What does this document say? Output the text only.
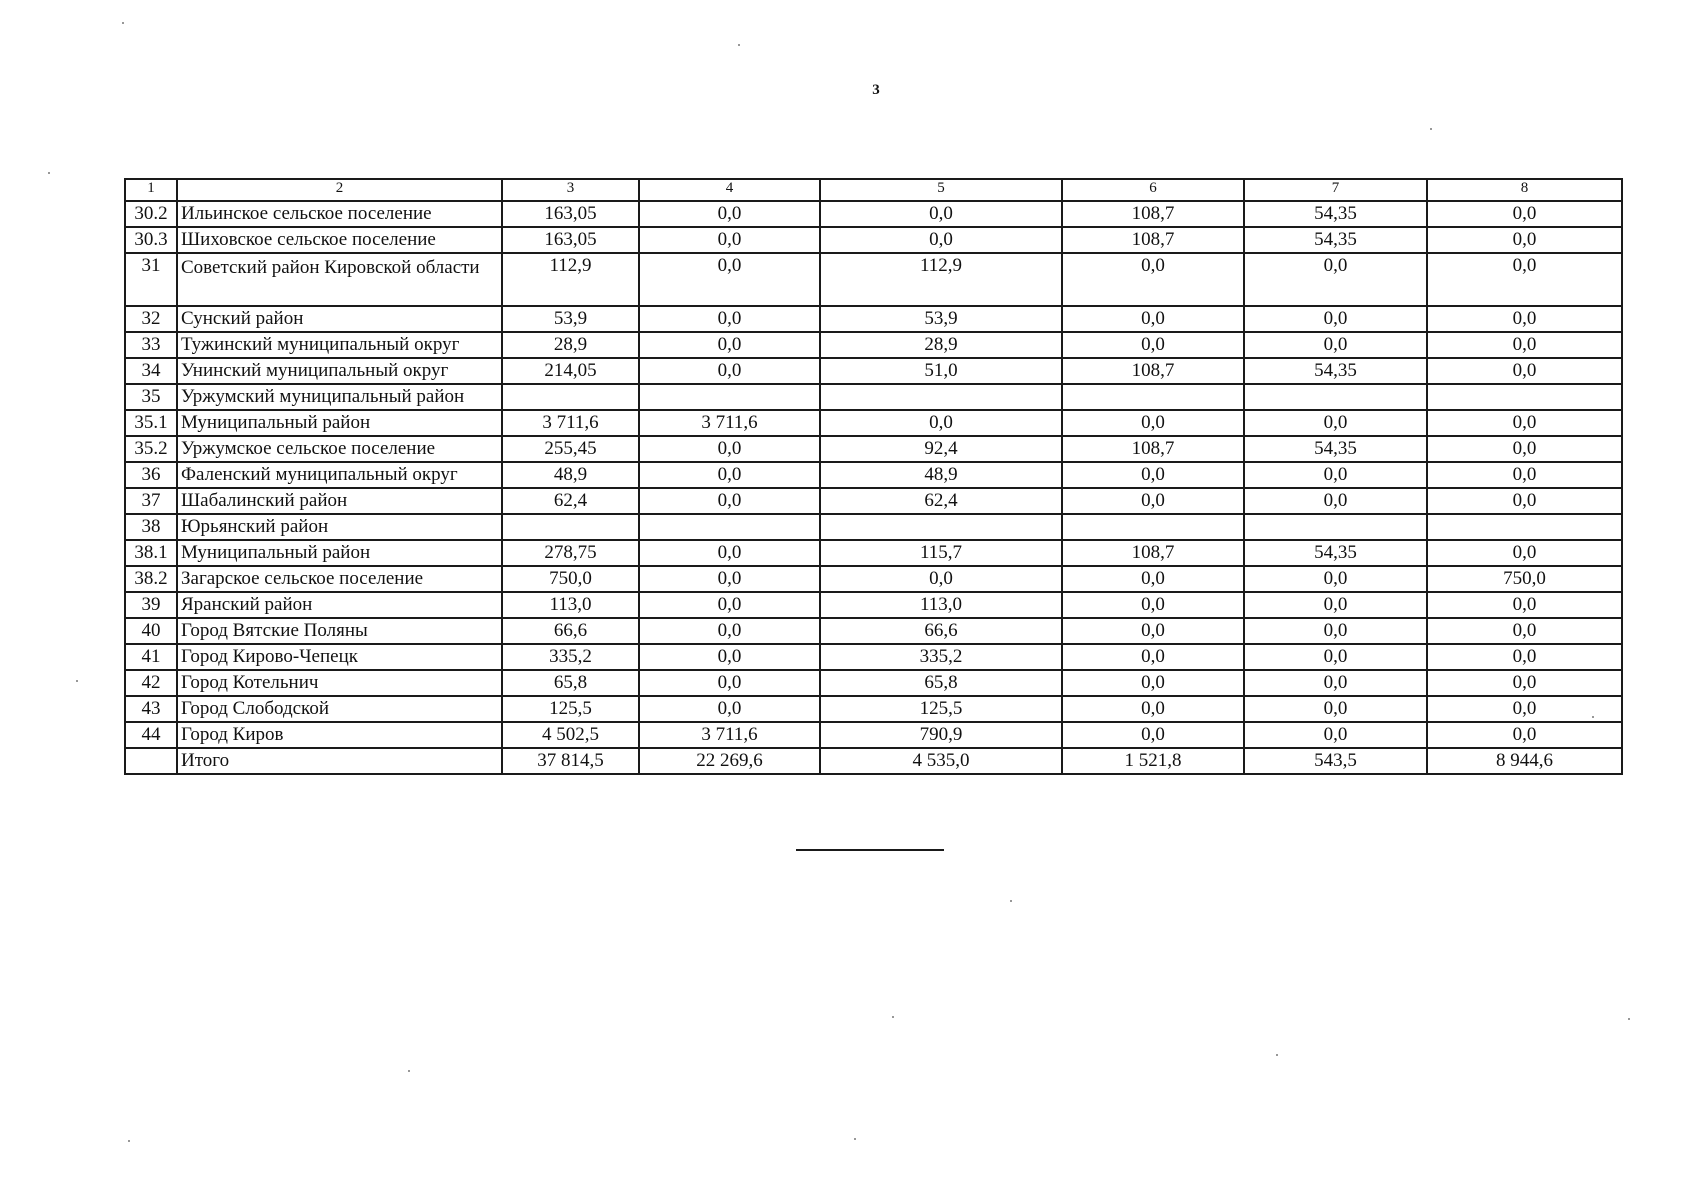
3
1	2	3	4	5	6	7	8
30.2	Ильинское сельское поселение	163,05	0,0	0,0	108,7	54,35	0,0
30.3	Шиховское сельское поселение	163,05	0,0	0,0	108,7	54,35	0,0
31	Советский район Кировской области	112,9	0,0	112,9	0,0	0,0	0,0
32	Сунский район	53,9	0,0	53,9	0,0	0,0	0,0
33	Тужинский муниципальный округ	28,9	0,0	28,9	0,0	0,0	0,0
34	Унинский муниципальный округ	214,05	0,0	51,0	108,7	54,35	0,0
35	Уржумский муниципальный район						
35.1	Муниципальный район	3 711,6	3 711,6	0,0	0,0	0,0	0,0
35.2	Уржумское сельское поселение	255,45	0,0	92,4	108,7	54,35	0,0
36	Фаленский муниципальный округ	48,9	0,0	48,9	0,0	0,0	0,0
37	Шабалинский район	62,4	0,0	62,4	0,0	0,0	0,0
38	Юрьянский район						
38.1	Муниципальный район	278,75	0,0	115,7	108,7	54,35	0,0
38.2	Загарское сельское поселение	750,0	0,0	0,0	0,0	0,0	750,0
39	Яранский район	113,0	0,0	113,0	0,0	0,0	0,0
40	Город Вятские Поляны	66,6	0,0	66,6	0,0	0,0	0,0
41	Город Кирово-Чепецк	335,2	0,0	335,2	0,0	0,0	0,0
42	Город Котельнич	65,8	0,0	65,8	0,0	0,0	0,0
43	Город Слободской	125,5	0,0	125,5	0,0	0,0	0,0
44	Город Киров	4 502,5	3 711,6	790,9	0,0	0,0	0,0
	Итого	37 814,5	22 269,6	4 535,0	1 521,8	543,5	8 944,6
